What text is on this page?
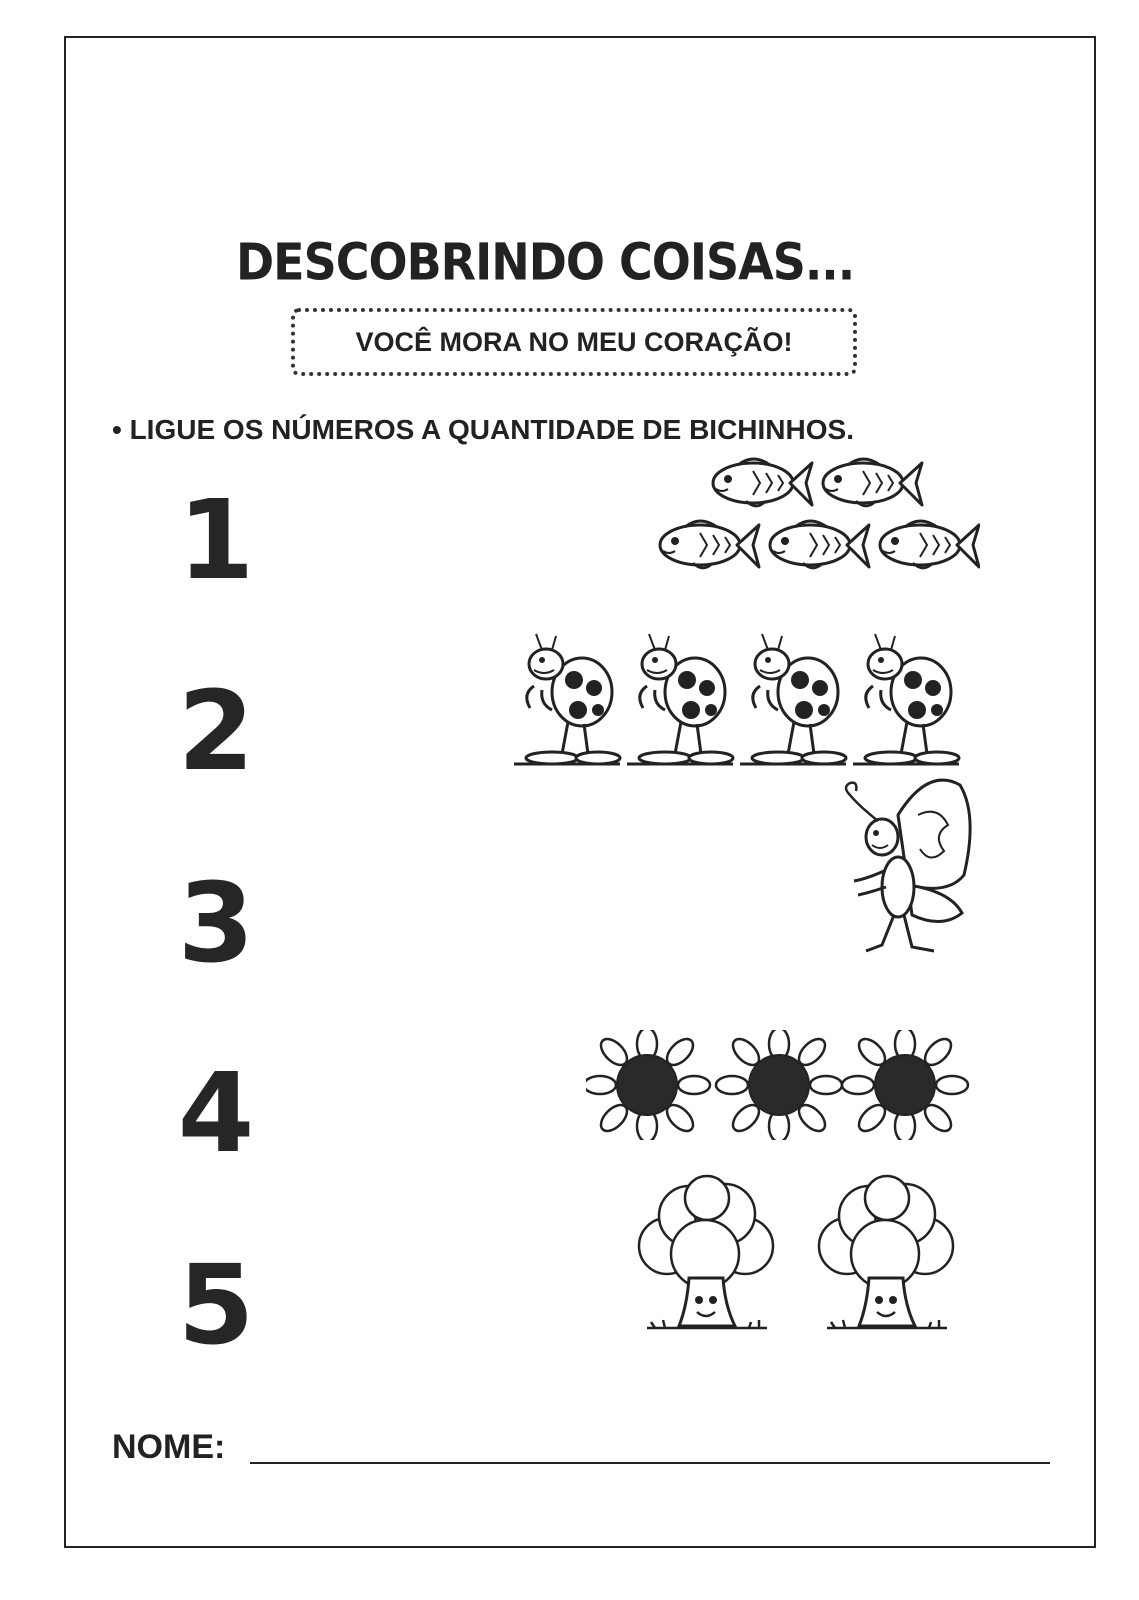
DESCOBRINDO COISAS...
VOCÊ MORA NO MEU CORAÇÃO!
• LIGUE OS NÚMEROS A QUANTIDADE DE BICHINHOS.
1
2
3
4
5
NOME:
